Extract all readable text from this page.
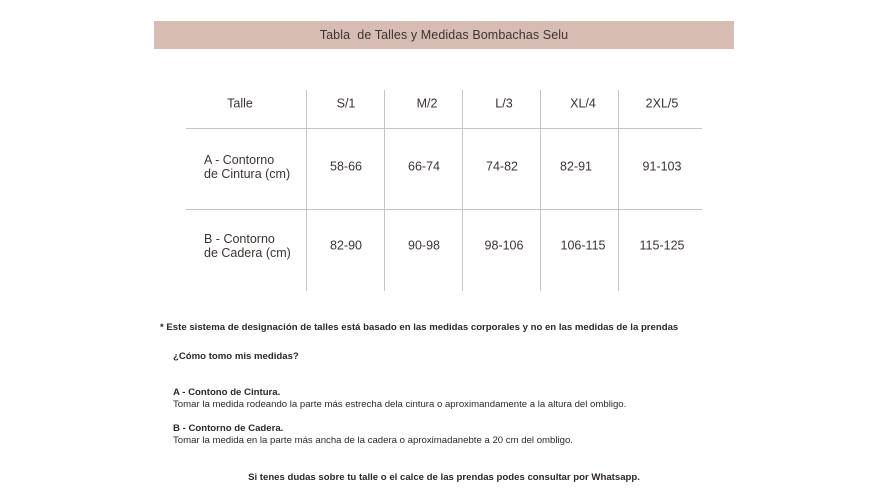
Tabla  de Talles y Medidas Bombachas Selu
Talle	S/1	M/2	L/3	XL/4	2XL/5
A - Contorno
de Cintura (cm)
58-66	66-74	74-82	82-91	91-103
B - Contorno
de Cadera (cm)
82-90	90-98	98-106	106-115	115-125
* Este sistema de designación de talles está basado en las medidas corporales y no en las medidas de la prendas
¿Cómo tomo mis medidas?
A - Contono de Cintura.
Tomar la medida rodeando la parte más estrecha dela cintura o aproximandamente a la altura del ombligo.
B - Contorno de Cadera.
Tomar la medida en la parte más ancha de la cadera o aproximadanebte a 20 cm del ombligo.
Si tenes dudas sobre tu talle o el calce de las prendas podes consultar por Whatsapp.
